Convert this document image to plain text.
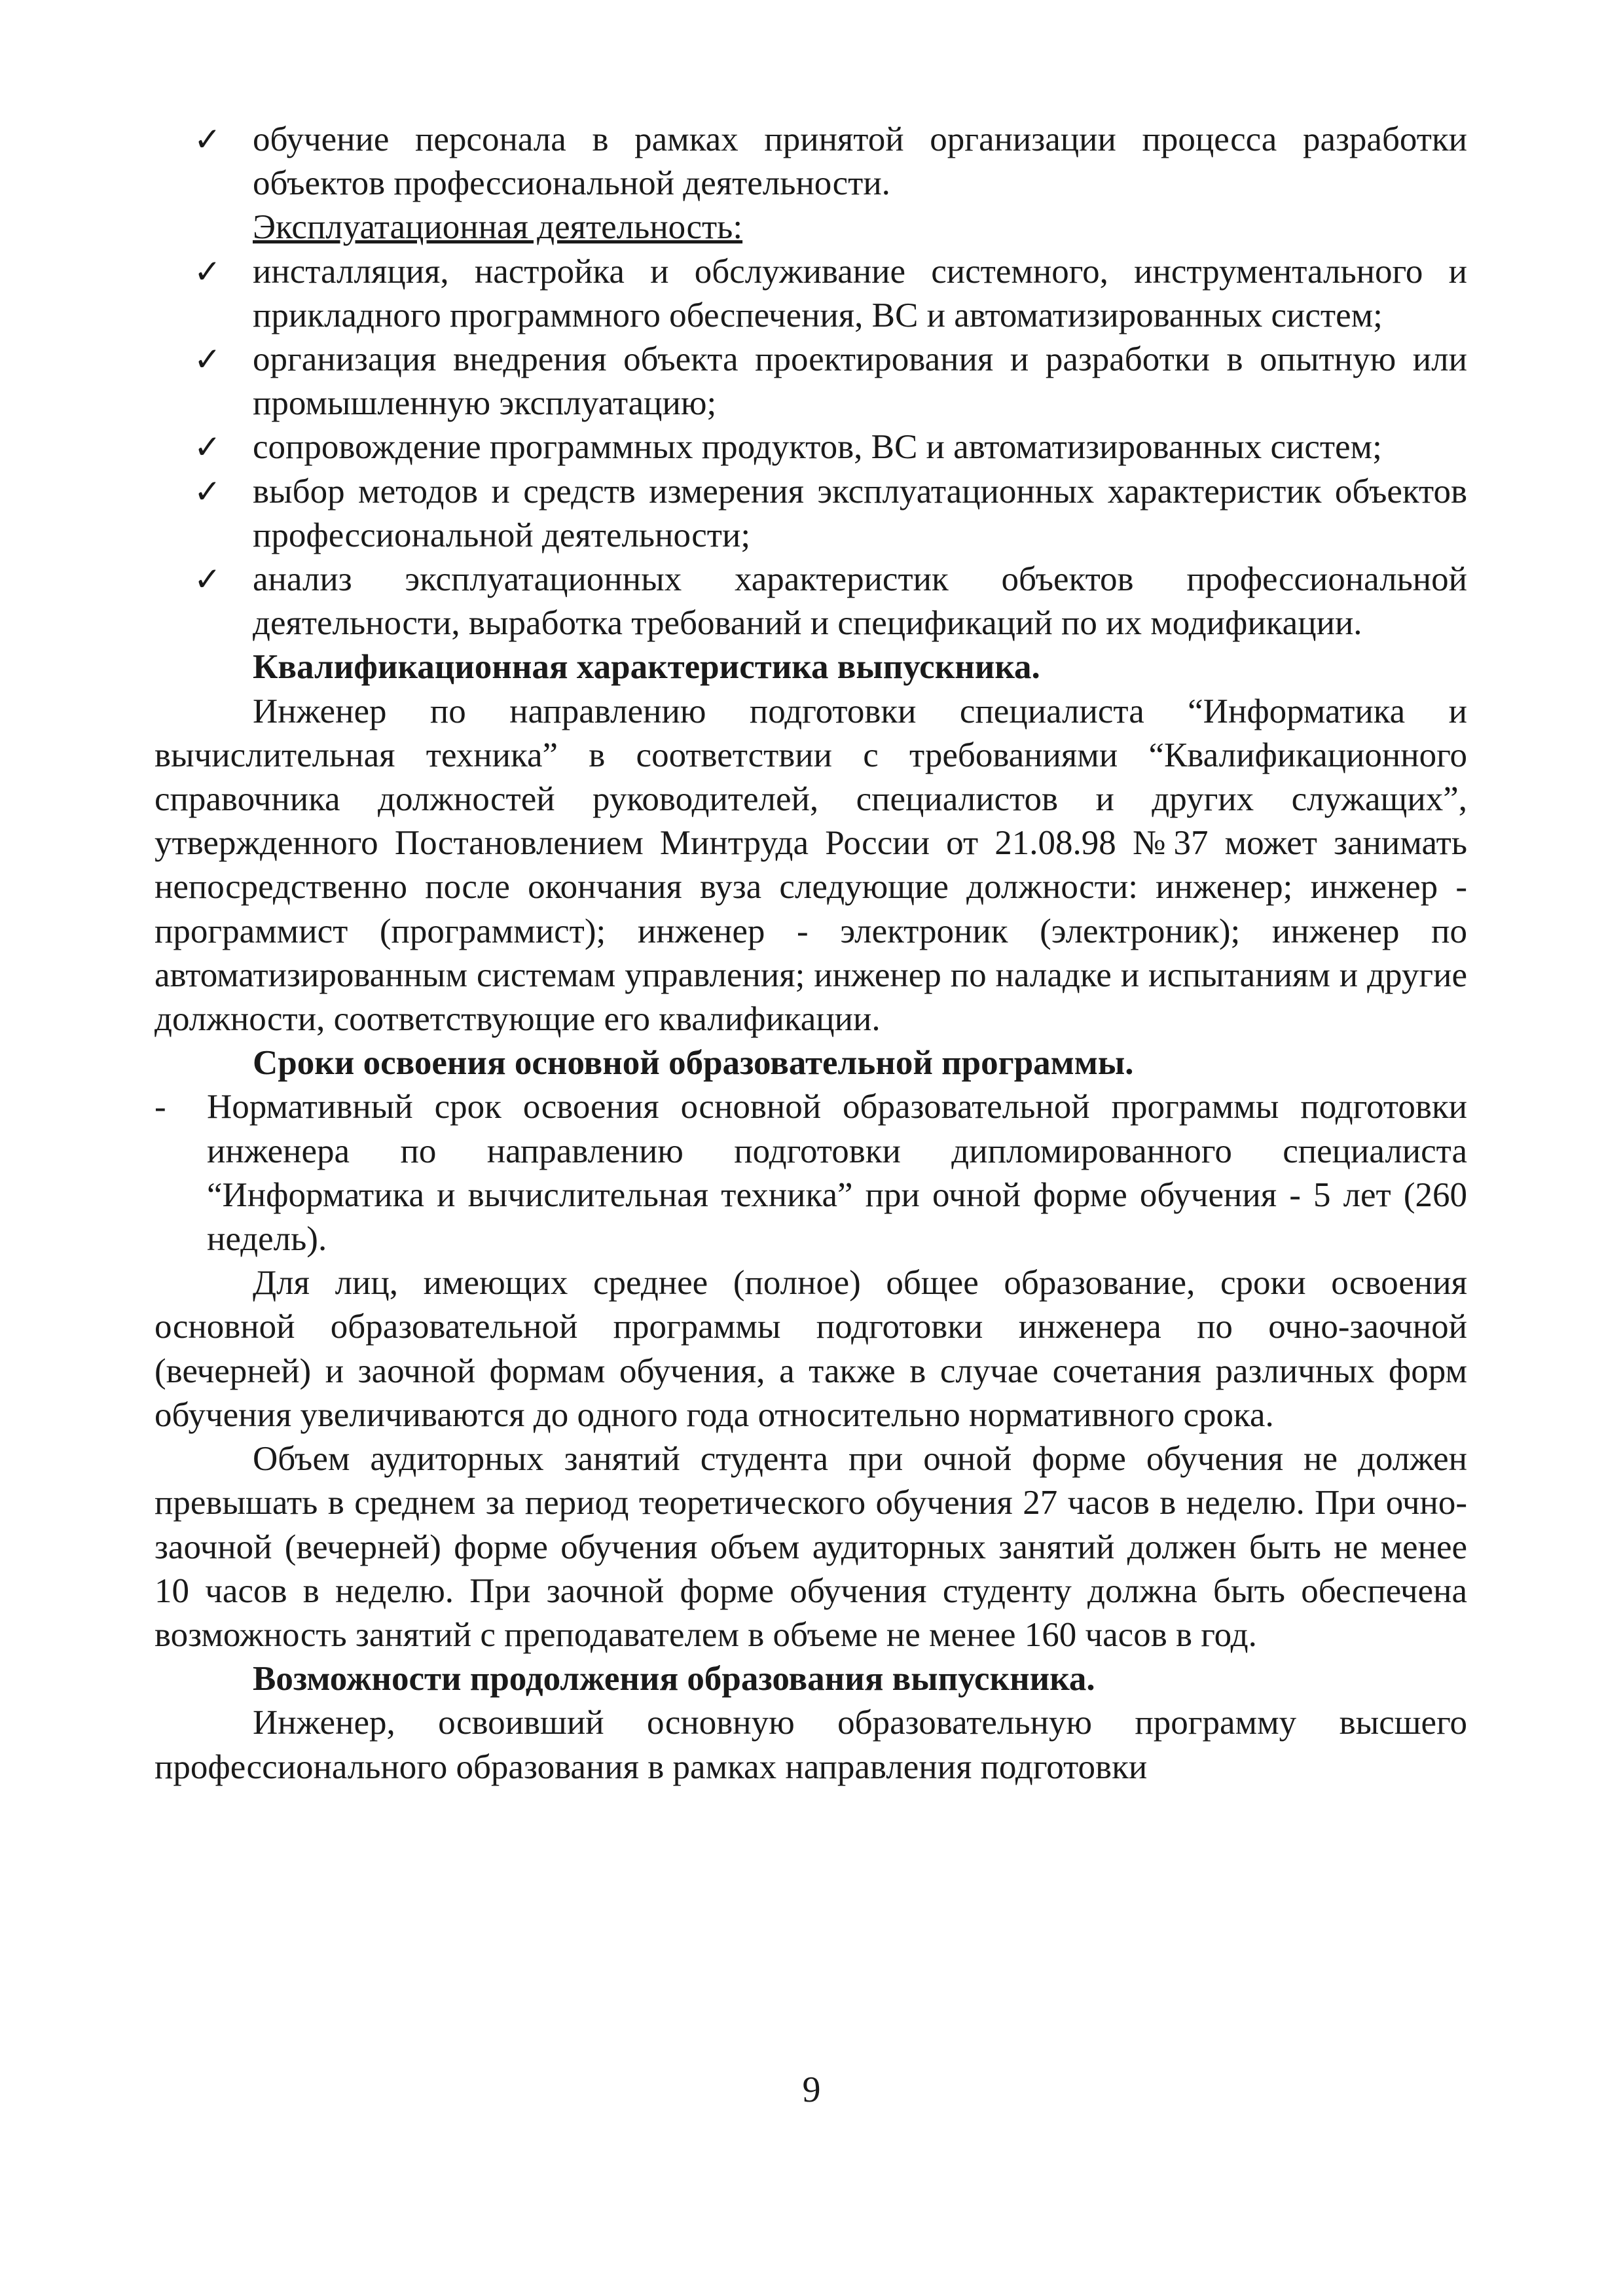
✓ обучение персонала в рамках принятой организации процесса разработки объектов профессиональной деятельности.
Эксплуатационная деятельность:
✓ инсталляция, настройка и обслуживание системного, инструментального и прикладного программного обеспечения, ВС и автоматизированных систем;
✓ организация внедрения объекта проектирования и разработки в опытную или промышленную эксплуатацию;
✓ сопровождение программных продуктов, ВС и автоматизированных систем;
✓ выбор методов и средств измерения эксплуатационных характеристик объектов профессиональной деятельности;
✓ анализ эксплуатационных характеристик объектов профессиональной деятельности, выработка требований и спецификаций по их модификации.
Квалификационная характеристика выпускника.
Инженер по направлению подготовки специалиста “Информатика и вычислительная техника” в соответствии с требованиями “Квалификационного справочника должностей руководителей, специалистов и других служащих”, утвержденного Постановлением Минтруда России от 21.08.98 №37 может занимать непосредственно после окончания вуза следующие должности: инженер; инженер - программист (программист); инженер - электроник (электроник); инженер по автоматизированным системам управления; инженер по наладке и испытаниям и другие должности, соответствующие его квалификации.
Сроки освоения основной образовательной программы.
- Нормативный срок освоения основной образовательной программы подготовки инженера по направлению подготовки дипломированного специалиста “Информатика и вычислительная техника” при очной форме обучения - 5 лет (260 недель).
Для лиц, имеющих среднее (полное) общее образование, сроки освоения основной образовательной программы подготовки инженера по очно-заочной (вечерней) и заочной формам обучения, а также в случае сочетания различных форм обучения увеличиваются до одного года относительно нормативного срока.
Объем аудиторных занятий студента при очной форме обучения не должен превышать в среднем за период теоретического обучения 27 часов в неделю. При очно-заочной (вечерней) форме обучения объем аудиторных занятий должен быть не менее 10 часов в неделю. При заочной форме обучения студенту должна быть обеспечена возможность занятий с преподавателем в объеме не менее 160 часов в год.
Возможности продолжения образования выпускника.
Инженер, освоивший основную образовательную программу высшего профессионального образования в рамках направления подготовки
9
